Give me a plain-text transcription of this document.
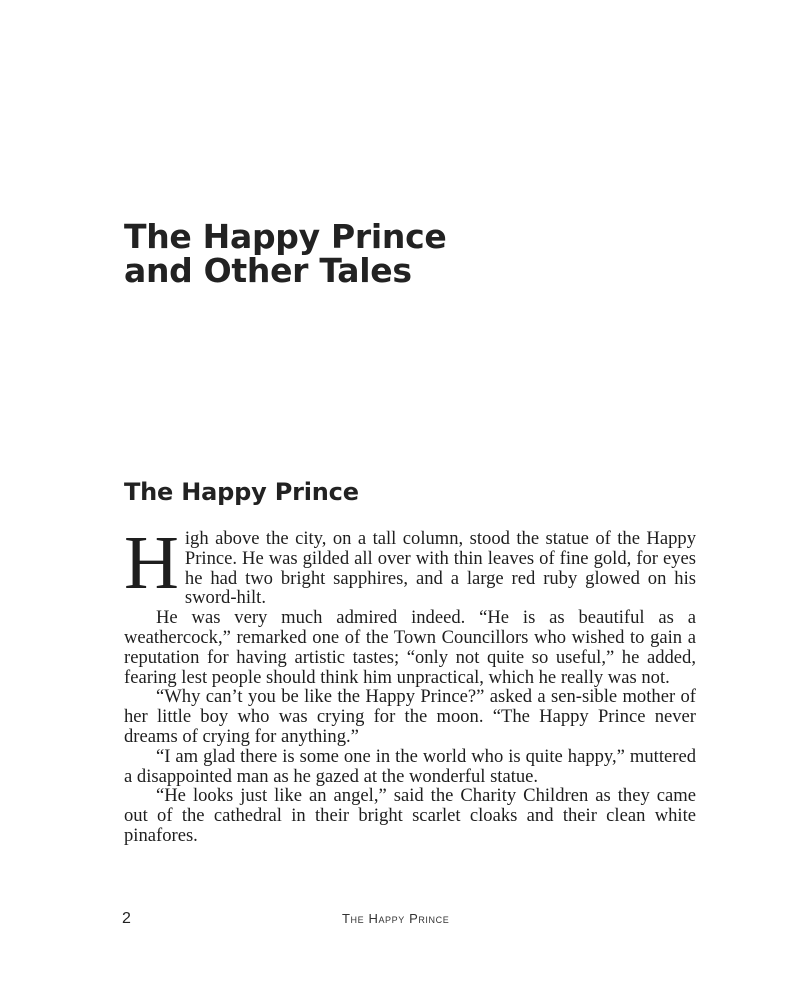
The Happy Prince
and Other Tales
The Happy Prince

High above the city, on a tall column, stood the statue of the Happy Prince. He was gilded all over with thin leaves of fine gold, for eyes he had two bright sapphires, and a large red ruby glowed on his sword-hilt.

He was very much admired indeed. “He is as beautiful as a weathercock,” remarked one of the Town Councillors who wished to gain a reputation for having artistic tastes; “only not quite so useful,” he added, fearing lest people should think him unpractical, which he really was not.

“Why can’t you be like the Happy Prince?” asked a sen-sible mother of her little boy who was crying for the moon. “The Happy Prince never dreams of crying for anything.”

“I am glad there is some one in the world who is quite happy,” muttered a disappointed man as he gazed at the wonderful statue.

“He looks just like an angel,” said the Charity Children as they came out of the cathedral in their bright scarlet cloaks and their clean white pinafores.

2	The Happy Prince
